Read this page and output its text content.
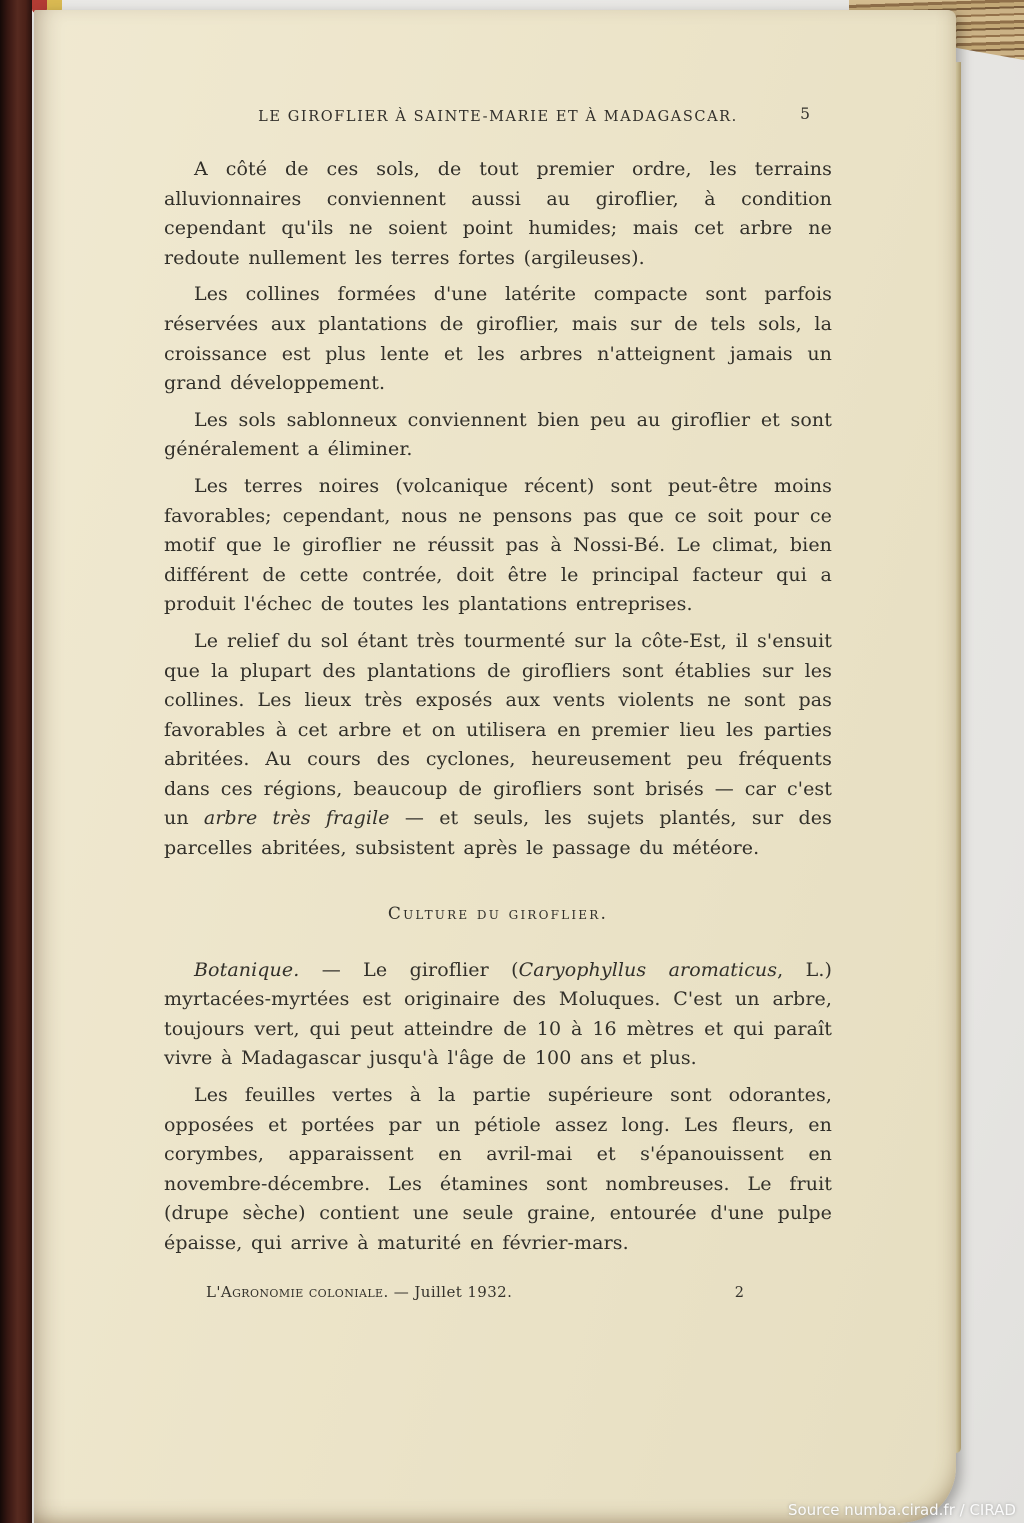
LE GIROFLIER À SAINTE-MARIE ET À MADAGASCAR.	5

A côté de ces sols, de tout premier ordre, les terrains alluvionnaires conviennent aussi au giroflier, à condition cependant qu'ils ne soient point humides; mais cet arbre ne redoute nullement les terres fortes (argileuses).

Les collines formées d'une latérite compacte sont parfois réservées aux plantations de giroflier, mais sur de tels sols, la croissance est plus lente et les arbres n'atteignent jamais un grand développement.

Les sols sablonneux conviennent bien peu au giroflier et sont généralement a éliminer.

Les terres noires (volcanique récent) sont peut-être moins favorables; cependant, nous ne pensons pas que ce soit pour ce motif que le giroflier ne réussit pas à Nossi-Bé. Le climat, bien différent de cette contrée, doit être le principal facteur qui a produit l'échec de toutes les plantations entreprises.

Le relief du sol étant très tourmenté sur la côte-Est, il s'ensuit que la plupart des plantations de girofliers sont établies sur les collines. Les lieux très exposés aux vents violents ne sont pas favorables à cet arbre et on utilisera en premier lieu les parties abritées. Au cours des cyclones, heureusement peu fréquents dans ces régions, beaucoup de girofliers sont brisés — car c'est un arbre très fragile — et seuls, les sujets plantés, sur des parcelles abritées, subsistent après le passage du météore.

Culture du giroflier.

Botanique. — Le giroflier (Caryophyllus aromaticus, L.) myrtacées-myrtées est originaire des Moluques. C'est un arbre, toujours vert, qui peut atteindre de 10 à 16 mètres et qui paraît vivre à Madagascar jusqu'à l'âge de 100 ans et plus.

Les feuilles vertes à la partie supérieure sont odorantes, opposées et portées par un pétiole assez long. Les fleurs, en corymbes, apparaissent en avril-mai et s'épanouissent en novembre-décembre. Les étamines sont nombreuses. Le fruit (drupe sèche) contient une seule graine, entourée d'une pulpe épaisse, qui arrive à maturité en février-mars.

L'Agronomie coloniale. — Juillet 1932.	2
Source numba.cirad.fr / CIRAD
